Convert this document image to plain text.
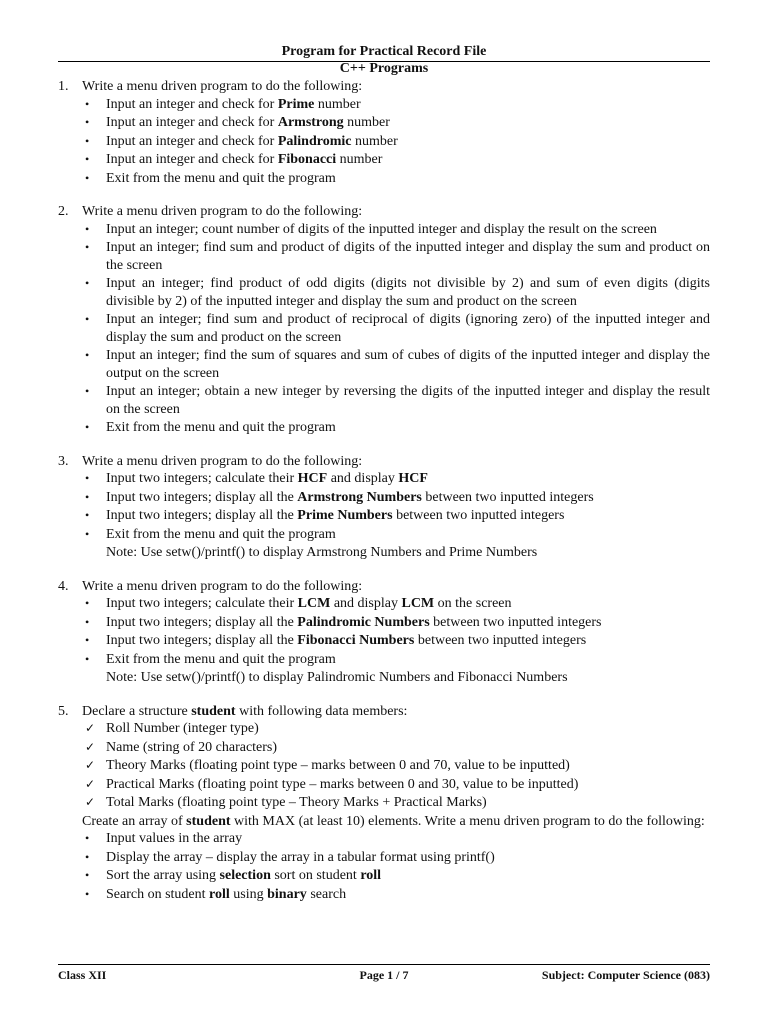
Program for Practical Record File
C++ Programs
1. Write a menu driven program to do the following:

• Input an integer and check for Prime number
• Input an integer and check for Armstrong number
• Input an integer and check for Palindromic number
• Input an integer and check for Fibonacci number
• Exit from the menu and quit the program
2. Write a menu driven program to do the following:

• Input an integer; count number of digits of the inputted integer and display the result on the screen
• Input an integer; find sum and product of digits of the inputted integer and display the sum and product on the screen
• Input an integer; find product of odd digits (digits not divisible by 2) and sum of even digits (digits divisible by 2) of the inputted integer and display the sum and product on the screen
• Input an integer; find sum and product of reciprocal of digits (ignoring zero) of the inputted integer and display the sum and product on the screen
• Input an integer; find the sum of squares and sum of cubes of digits of the inputted integer and display the output on the screen
• Input an integer; obtain a new integer by reversing the digits of the inputted integer and display the result on the screen
• Exit from the menu and quit the program
3. Write a menu driven program to do the following:

• Input two integers; calculate their HCF and display HCF
• Input two integers; display all the Armstrong Numbers between two inputted integers
• Input two integers; display all the Prime Numbers between two inputted integers
• Exit from the menu and quit the program

Note: Use setw()/printf() to display Armstrong Numbers and Prime Numbers

4. Write a menu driven program to do the following:

• Input two integers; calculate their LCM and display LCM on the screen
• Input two integers; display all the Palindromic Numbers between two inputted integers
• Input two integers; display all the Fibonacci Numbers between two inputted integers
• Exit from the menu and quit the program

Note: Use setw()/printf() to display Palindromic Numbers and Fibonacci Numbers

5. Declare a structure student with following data members:

✓ Roll Number (integer type)
✓ Name (string of 20 characters)
✓ Theory Marks (floating point type – marks between 0 and 70, value to be inputted)
✓ Practical Marks (floating point type – marks between 0 and 30, value to be inputted)
✓ Total Marks (floating point type – Theory Marks + Practical Marks)

Create an array of student with MAX (at least 10) elements. Write a menu driven program to do the following:

• Input values in the array
• Display the array – display the array in a tabular format using printf()
• Sort the array using selection sort on student roll
• Search on student roll using binary search
Class XII	Page 1 / 7	Subject: Computer Science (083)
